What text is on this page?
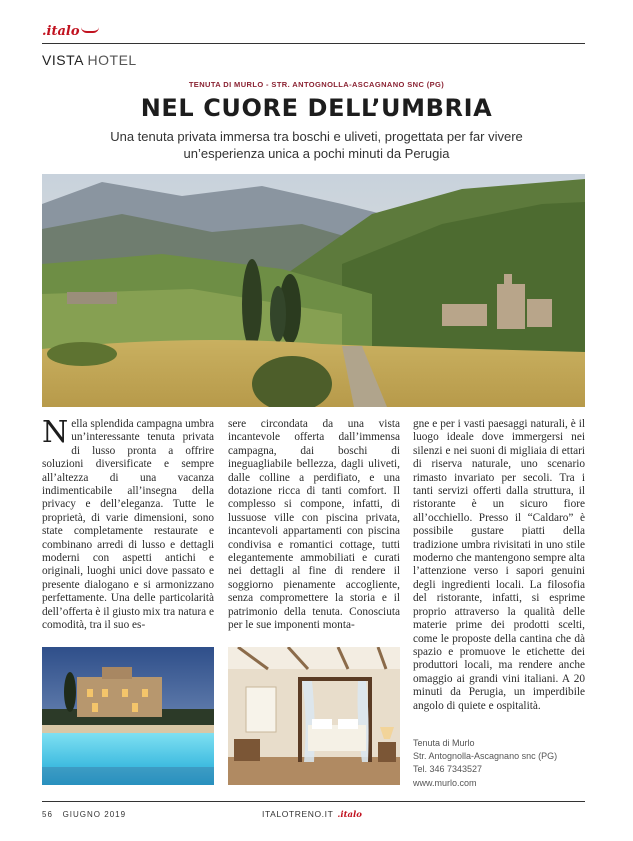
.italo
VISTA HOTEL
TENUTA DI MURLO - STR. ANTOGNOLLA-ASCAGNANO SNC (PG)
NEL CUORE DELL’UMBRIA
Una tenuta privata immersa tra boschi e uliveti, progettata per far vivere un’esperienza unica a pochi minuti da Perugia
Nella splendida campagna umbra un’interessante tenuta privata di lusso pronta a offrire soluzioni diversificate e sempre all’altezza di una vacanza indimenticabile all’insegna della privacy e dell’eleganza. Tutte le proprietà, di varie dimensioni, sono state completamente restaurate e combinano arredi di lusso e dettagli moderni con aspetti antichi e originali, luoghi unici dove passato e presente dialogano e si armonizzano perfettamente. Una delle particolarità dell’offerta è il giusto mix tra natura e comodità, tra il suo es-
sere circondata da una vista incantevole offerta dall’immensa campagna, dai boschi di ineguagliabile bellezza, dagli uliveti, dalle colline a perdifiato, e una dotazione ricca di tanti comfort. Il complesso si compone, infatti, di lussuose ville con piscina privata, incantevoli appartamenti con piscina condivisa e romantici cottage, tutti elegantemente ammobiliati e curati nei dettagli al fine di rendere il soggiorno pienamente accogliente, senza compromettere la storia e il patrimonio della tenuta. Conosciuta per le sue imponenti monta-
gne e per i vasti paesaggi naturali, è il luogo ideale dove immergersi nei silenzi e nei suoni di migliaia di ettari di riserva naturale, uno scenario rimasto invariato per secoli. Tra i tanti servizi offerti dalla struttura, il ristorante è un sicuro fiore all’occhiello. Presso il “Caldaro” è possibile gustare piatti della tradizione umbra rivisitati in uno stile moderno che mantengono sempre alta l’attenzione verso i sapori genuini degli ingredienti locali. La filosofia del ristorante, infatti, si esprime proprio attraverso la qualità delle materie prime dei prodotti scelti, come le proposte della cantina che dà spazio e promuove le etichette dei produttori locali, ma rendere anche omaggio ai grandi vini italiani. A 20 minuti da Perugia, un imperdibile angolo di quiete e ospitalità.
Tenuta di Murlo
Str. Antognolla-Ascagnano snc (PG)
Tel. 346 7343527
www.murlo.com
56 GIUGNO 2019	ITALOTRENO.IT .italo
